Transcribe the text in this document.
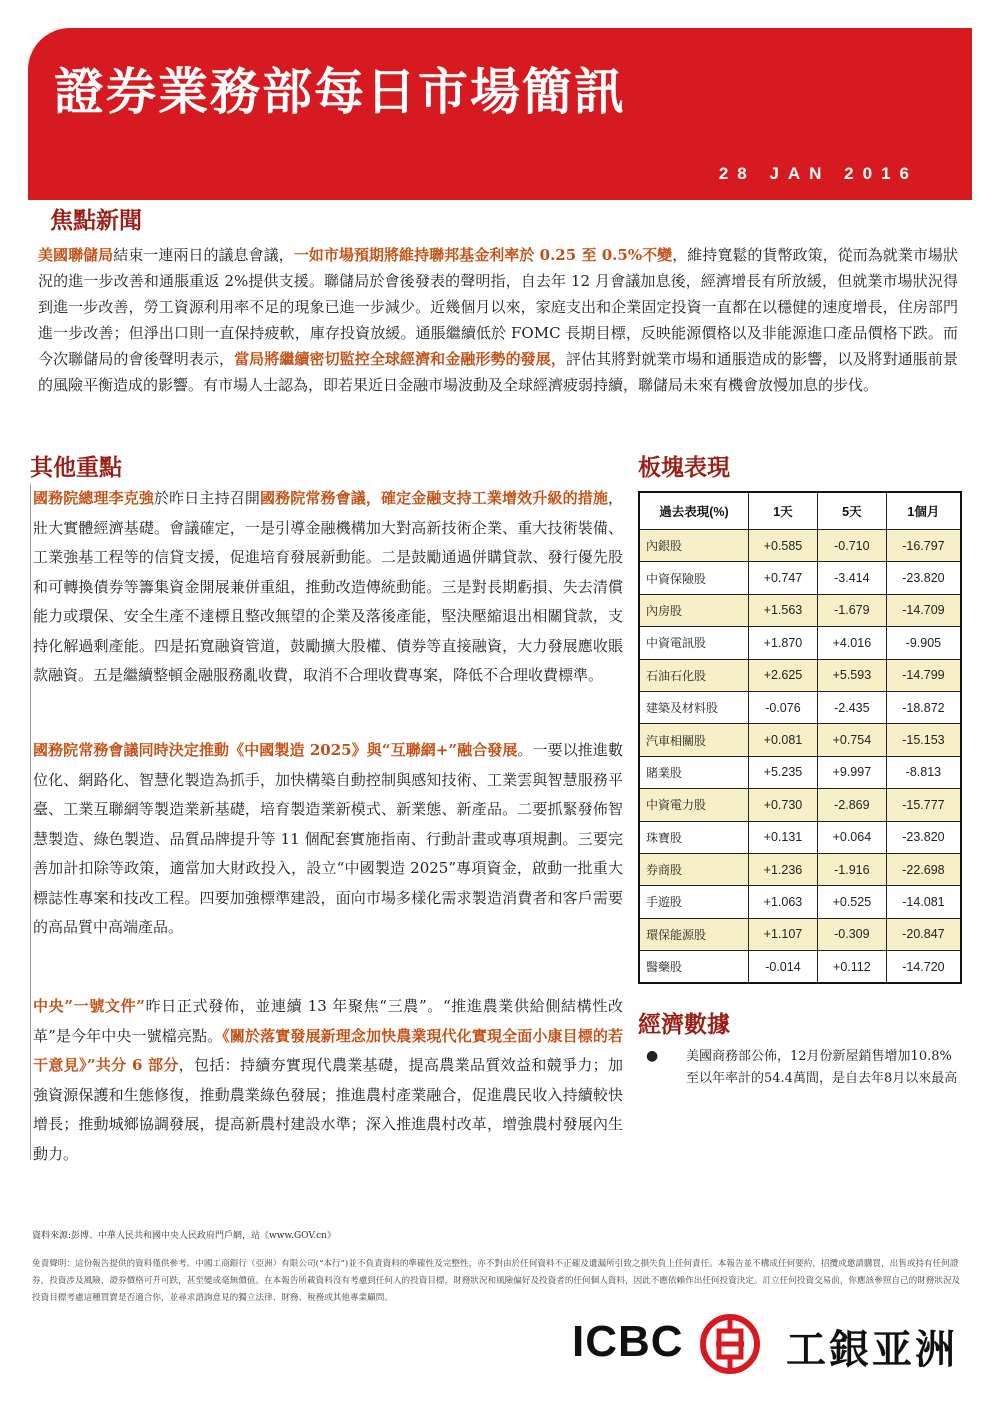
證券業務部每日市場簡訊
28 JAN 2016
焦點新聞
美國聯儲局結束一連兩日的議息會議，一如市場預期將維持聯邦基金利率於 0.25 至 0.5%不變，維持寬鬆的貨幣政策，從而為就業市場狀況的進一步改善和通脹重返 2%提供支援。聯儲局於會後發表的聲明指，自去年 12 月會議加息後，經濟增長有所放緩，但就業市場狀況得到進一步改善，勞工資源利用率不足的現象已進一步減少。近幾個月以來，家庭支出和企業固定投資一直都在以穩健的速度增長，住房部門進一步改善；但淨出口則一直保持疲軟，庫存投資放緩。通脹繼續低於 FOMC 長期目標，反映能源價格以及非能源進口產品價格下跌。而今次聯儲局的會後聲明表示，當局將繼續密切監控全球經濟和金融形勢的發展，評估其將對就業市場和通脹造成的影響，以及將對通脹前景的風險平衡造成的影響。有市場人士認為，即若果近日金融市場波動及全球經濟疲弱持續，聯儲局未來有機會放慢加息的步伐。
其他重點
國務院總理李克強於昨日主持召開國務院常務會議，確定金融支持工業增效升級的措施，壯大實體經濟基礎。會議確定，一是引導金融機構加大對高新技術企業、重大技術裝備、工業強基工程等的信貸支援，促進培育發展新動能。二是鼓勵通過併購貸款、發行優先股和可轉換債券等籌集資金開展兼併重組，推動改造傳統動能。三是對長期虧損、失去清償能力或環保、安全生產不達標且整改無望的企業及落後產能，堅決壓縮退出相關貸款，支持化解過剩產能。四是拓寬融資管道，鼓勵擴大股權、債券等直接融資，大力發展應收賬款融資。五是繼續整頓金融服務亂收費，取消不合理收費專案，降低不合理收費標準。
國務院常務會議同時決定推動《中國製造 2025》與“互聯網+”融合發展。一要以推進數位化、網路化、智慧化製造為抓手，加快構築自動控制與感知技術、工業雲與智慧服務平臺、工業互聯網等製造業新基礎，培育製造業新模式、新業態、新產品。二要抓緊發佈智慧製造、綠色製造、品質品牌提升等 11 個配套實施指南、行動計畫或專項規劃。三要完善加計扣除等政策，適當加大財政投入，設立“中國製造 2025”專項資金，啟動一批重大標誌性專案和技改工程。四要加強標準建設，面向市場多樣化需求製造消費者和客戶需要的高品質中高端產品。
中央”一號文件”昨日正式發佈，並連續 13 年聚焦“三農”。“推進農業供給側結構性改革”是今年中央一號檔亮點。《關於落實發展新理念加快農業現代化實現全面小康目標的若干意見》”共分 6 部分，包括：持續夯實現代農業基礎，提高農業品質效益和競爭力；加強資源保護和生態修復，推動農業綠色發展；推進農村產業融合，促進農民收入持續較快增長；推動城鄉協調發展，提高新農村建設水準；深入推進農村改革，增強農村發展內生動力。
板塊表現
過去表現(%)	1天	5天	1個月
內銀股	+0.585	-0.710	-16.797
中資保險股	+0.747	-3.414	-23.820
內房股	+1.563	-1.679	-14.709
中資電訊股	+1.870	+4.016	-9.905
石油石化股	+2.625	+5.593	-14.799
建築及材料股	-0.076	-2.435	-18.872
汽車相關股	+0.081	+0.754	-15.153
賭業股	+5.235	+9.997	-8.813
中資電力股	+0.730	-2.869	-15.777
珠寶股	+0.131	+0.064	-23.820
券商股	+1.236	-1.916	-22.698
手遊股	+1.063	+0.525	-14.081
環保能源股	+1.107	-0.309	-20.847
醫藥股	-0.014	+0.112	-14.720
經濟數據
● 美國商務部公佈，12月份新屋銷售增加10.8%至以年率計的54.4萬間，是自去年8月以來最高
資料來源:彭博、中華人民共和國中央人民政府門戶網，站《www.GOV.cn》
免責聲明：這份報告提供的資料僅供參考。中國工商銀行（亞洲）有限公司(“本行”)並不負責資料的準確性及完整性，亦不對由於任何資料不正確及遺漏所引致之損失負上任何責任。本報告並不構成任何要約，招攬或邀請購買，出售或持有任何證券，投資涉及風險，證券價格可升可跌，甚至變成毫無價值。在本報告所載資料沒有考慮到任何人的投資目標，財務狀況和風險偏好及投資者的任何個人資料，因此不應依賴作出任何投資決定。訂立任何投資交易前，你應該參照自己的財務狀況及投資目標考慮這種買賣是否適合你，並尋求諮詢意見的獨立法律、財務、稅務或其他專業顧問。
ICBC	工銀亚洲
